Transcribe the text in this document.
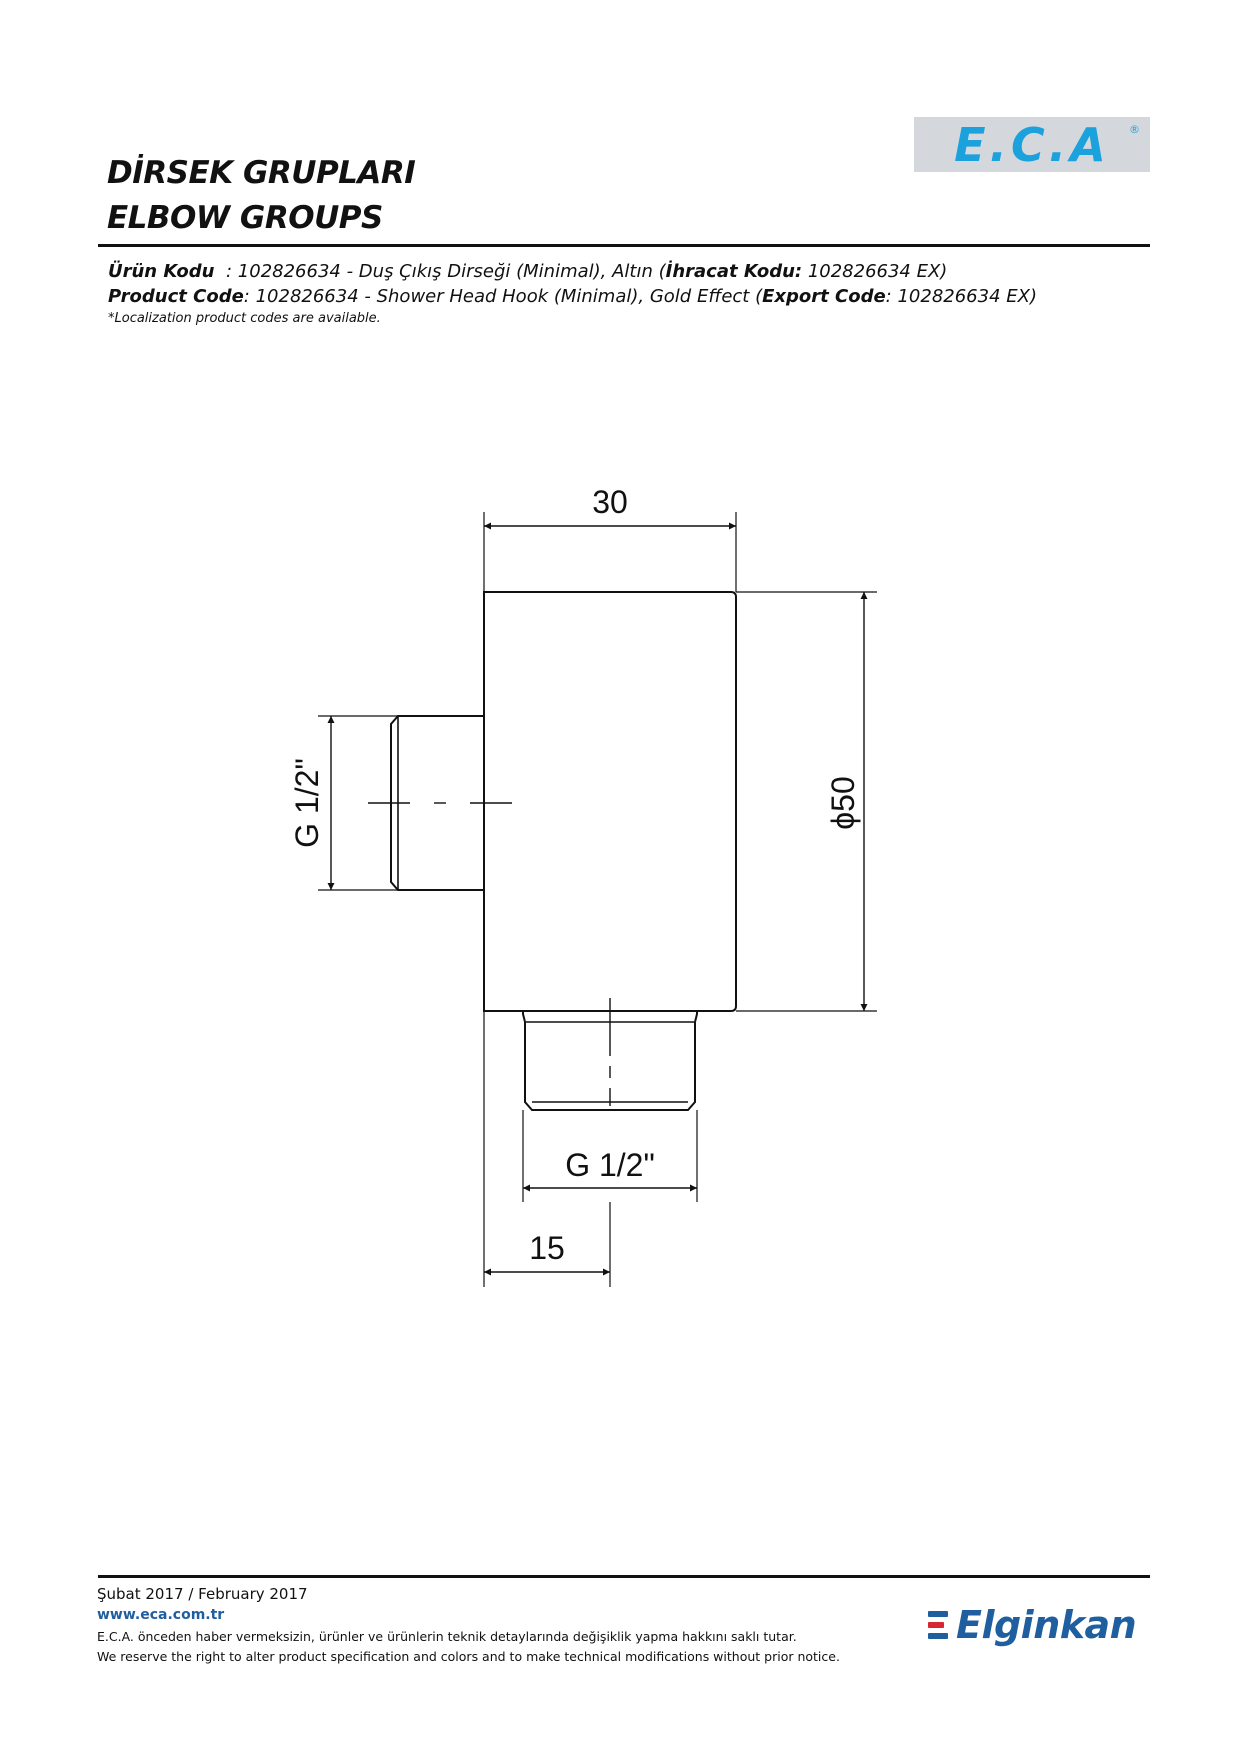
E.C.A ®
DİRSEK GRUPLARI
ELBOW GROUPS
Ürün Kodu : 102826634 - Duş Çıkış Dirseği (Minimal), Altın (İhracat Kodu: 102826634 EX)
Product Code: 102826634 - Shower Head Hook (Minimal), Gold Effect (Export Code: 102826634 EX)
*Localization product codes are available.
30
ϕ50
G 1/2"
G 1/2"
15
Şubat 2017 / February 2017
www.eca.com.tr
E.C.A. önceden haber vermeksizin, ürünler ve ürünlerin teknik detaylarında değişiklik yapma hakkını saklı tutar.
We reserve the right to alter product specification and colors and to make technical modifications without prior notice.
Elginkan
